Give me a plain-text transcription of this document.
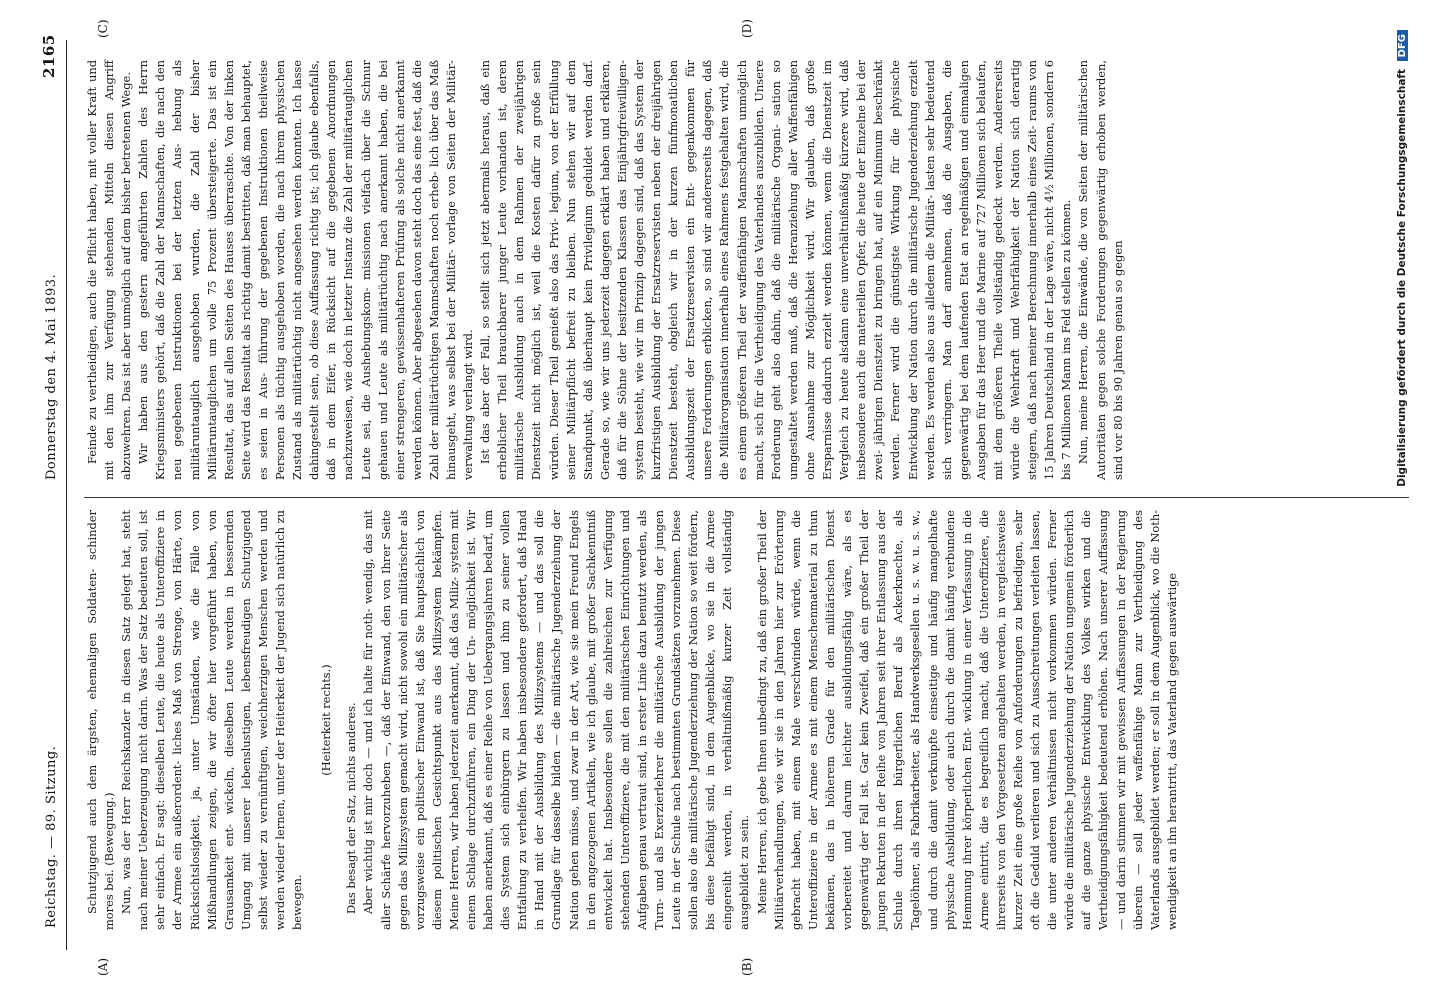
Reichstag. — 89. Sitzung.
Donnerstag den 4. Mai 1893.
2165
(A)	(B)
(C)	(D)

Schutzjugend auch dem ärgsten, ehemaligen Soldaten- schinder mores bei. (Bewegung.) Nun, was der Herr Reichskanzler in diesen Satz gelegt hat, steht nach meiner Ueberzeugung nicht darin. Was der Satz bedeuten soll, ist sehr einfach. Er sagt: dieselben Leute, die heute als Unteroffiziere in der Armee ein außerordent- liches Maß von Strenge, von Härte, von Rücksichtslosigkeit, ja, unter Umständen, wie die Fälle von Mißhandlungen zeigen, die wir öfter hier vorgeführt haben, von Grausamkeit ent- wickeln, dieselben Leute werden in bessernden Umgang mit unserer lebenslustigen, lebensfreudigen Schutzjugend selbst wieder zu vernünftigen, weichherzigen Menschen werden und werden wieder lernen, unter der Heiterkeit der Jugend sich natürlich zu bewegen.

(Heiterkeit rechts.) Das besagt der Satz, nichts anderes. Aber wichtig ist mir doch — und ich halte für noth- wendig, das mit aller Schärfe hervorzuheben —, daß der Einwand, den von Ihrer Seite gegen das Milizsystem gemacht wird, nicht sowohl ein militärischer als vorzugsweise ein politischer Einwand ist, daß Sie hauptsächlich von diesem politischen Gesichtspunkt aus das Milizsystem bekämpfen. Meine Herren, wir haben jederzeit anerkannt, daß das Miliz- system mit einem Schlage durchzuführen, ein Ding der Un- möglichkeit ist. Wir haben anerkannt, daß es einer Reihe von Uebergangsjahren bedarf, um dies System sich einbürgern zu lassen und ihm zu seiner vollen Entfaltung zu verhelfen. Wir haben insbesondere gefordert, daß Hand in Hand mit der Ausbildung des Milizsystems — und das soll die Grundlage für dasselbe bilden — die militärische Jugenderziehung der Nation gehen müsse, und zwar in der Art, wie sie mein Freund Engels in den angezogenen Artikeln, wie ich glaube, mit großer Sachkenntniß entwickelt hat. Insbesondere sollen die zahlreichen zur Verfügung stehenden Unteroffiziere, die mit den militärischen Einrichtungen und Aufgaben genau vertraut sind, in erster Linie dazu benutzt werden, als Turn- und als Exerzierlehrer die militärische Ausbildung der jungen Leute in der Schule nach bestimmten Grundsätzen vorzunehmen. Diese sollen also die militärische Jugenderziehung der Nation so weit fördern, bis diese befähigt sind, in dem Augenblicke, wo sie in die Armee eingereiht werden, in verhältnißmäßig kurzer Zeit vollständig ausgebildet zu sein. Meine Herren, ich gebe Ihnen unbedingt zu, daß ein großer Theil der Militärverhandlungen, wie wir sie in den Jahren hier zur Erörterung gebracht haben, mit einem Male verschwinden würde, wenn die Unteroffiziere in der Armee es mit einem Menschenmaterial zu thun bekämen, das in höherem Grade für den militärischen Dienst vorbereitet und darum leichter ausbildungsfähig wäre, als es gegenwärtig der Fall ist. Gar kein Zweifel, daß ein großer Theil der jungen Rekruten in der Reihe von Jahren seit ihrer Entlassung aus der Schule durch ihren bürgerlichen Beruf als Ackerknechte, als Tagelöhner, als Fabrikarbeiter, als Handwerksgesellen u. s. w. u. s. w., und durch die damit verknüpfte einseitige und häufig mangelhafte physische Ausbildung, oder auch durch die damit häufig verbundene Hemmung ihrer körperlichen Ent- wicklung in einer Verfassung in die Armee eintritt, die es begreiflich macht, daß die Unteroffiziere, die ihrerseits von den Vorgesetzten angehalten werden, in vergleichsweise kurzer Zeit eine große Reihe von Anforderungen zu befriedigen, sehr oft die Geduld verlieren und sich zu Ausschreitungen verleiten lassen, die unter anderen Verhältnissen nicht vorkommen würden. Ferner würde die militärische Jugenderziehung der Nation ungemein förderlich auf die ganze physische Entwicklung des Volkes wirken und die Vertheidigungsfähigkeit bedeutend erhöhen. Nach unserer Auffassung — und darin stimmen wir mit gewissen Auffassungen in der Regierung überein — soll jeder waffenfähige Mann zur Vertheidigung des Vaterlands ausgebildet werden; er soll in dem Augenblick, wo die Noth- wendigkeit an ihn herantritt, das Vaterland gegen auswärtige

Feinde zu vertheidigen, auch die Pflicht haben, mit voller Kraft und mit den ihm zur Verfügung stehenden Mitteln diesen Angriff abzuwehren. Das ist aber unmöglich auf dem bisher betretenen Wege. Wir haben aus den gestern angeführten Zahlen des Herrn Kriegsministers gehört, daß die Zahl der Mannschaften, die nach den neu gegebenen Instruktionen bei der letzten Aus- hebung als militäruntauglich ausgehoben wurden, die Zahl der bisher Militäruntauglichen um volle 75 Prozent übersteigerte. Das ist ein Resultat, das auf allen Seiten des Hauses überraschte. Von der linken Seite wird das Resultat als richtig damit bestritten, daß man behauptet, es seien in Aus- führung der gegebenen Instruktionen theilweise Personen als tüchtig ausgehoben worden, die nach ihrem physischen Zustand als militärtüchtig nicht angesehen werden konnten. Ich lasse dahingestellt sein, ob diese Auffassung richtig ist; ich glaube ebenfalls, daß in dem Eifer, in Rücksicht auf die gegebenen Anordnungen nachzuweisen, wie doch in letzter Instanz die Zahl der militärtauglichen Leute sei, die Aushebungskom- missionen vielfach über die Schnur gehauen und Leute als militärtüchtig nach anerkannt haben, die bei einer strengeren, gewissenhafteren Prüfung als solche nicht anerkannt werden können. Aber abgesehen davon steht doch das eine fest, daß die Zahl der militärtüchtigen Mannschaften noch erheb- lich über das Maß hinausgeht, was selbst bei der Militär- vorlage von Seiten der Militär- verwaltung verlangt wird. Ist das aber der Fall, so stellt sich jetzt abermals heraus, daß ein erheblicher Theil brauchbarer junger Leute vorhanden ist, deren militärische Ausbildung auch in dem Rahmen der zweijährigen Dienstzeit nicht möglich ist, weil die Kosten dafür zu große sein würden. Dieser Theil genießt also das Privi- legium, von der Erfüllung seiner Militärpflicht befreit zu bleiben. Nun stehen wir auf dem Standpunkt, daß überhaupt kein Privilegium geduldet werden darf. Gerade so, wie wir uns jederzeit dagegen erklärt haben und erklären, daß für die Söhne der besitzenden Klassen das Einjährigfreiwilligen- system besteht, wie wir im Prinzip dagegen sind, daß das System der kurzfristigen Ausbildung der Ersatzreservisten neben der dreijährigen Dienstzeit besteht, obgleich wir in der kurzen fünfmonatlichen Ausbildungszeit der Ersatzreservisten ein Ent- gegenkommen für unsere Forderungen erblicken, so sind wir andererseits dagegen, daß die Militärorganisation innerhalb eines Rahmens festgehalten wird, die es einem größeren Theil der waffenfähigen Mannschaften unmöglich macht, sich für die Vertheidigung des Vaterlandes auszubilden. Unsere Forderung geht also dahin, daß die militärische Organi- sation so umgestaltet werden muß, daß die Heranziehung aller Waffenfähigen ohne Ausnahme zur Möglichkeit wird. Wir glauben, daß große Ersparnisse dadurch erzielt werden können, wenn die Dienstzeit im Vergleich zu heute alsdann eine unverhältnißmäßig kürzere wird, daß insbesondere auch die materiellen Opfer, die heute der Einzelne bei der zwei- jährigen Dienstzeit zu bringen hat, auf ein Minimum beschränkt werden. Ferner wird die günstigste Wirkung für die physische Entwicklung der Nation durch die militärische Jugenderziehung erzielt werden. Es werden also aus alledem die Militär- lasten sehr bedeutend sich verringern. Man darf annehmen, daß die Ausgaben, die gegenwärtig bei dem laufenden Etat an regelmäßigen und einmaligen Ausgaben für das Heer und die Marine auf 727 Millionen sich belaufen, mit dem größeren Theile vollständig gedeckt werden. Andererseits würde die Wehrkraft und Wehrfähigkeit der Nation sich derartig steigern, daß nach meiner Berechnung innerhalb eines Zeit- raums von 15 Jahren Deutschland in der Lage wäre, nicht 4½ Millionen, sondern 6 bis 7 Millionen Mann ins Feld stellen zu können. Nun, meine Herren, die Einwände, die von Seiten der militärischen Autoritäten gegen solche Forderungen gegenwärtig erhoben werden, sind vor 80 bis 90 Jahren genau so gegen	Digitalisierung gefördert durch die Deutsche Forschungsgemeinschaft DFG
